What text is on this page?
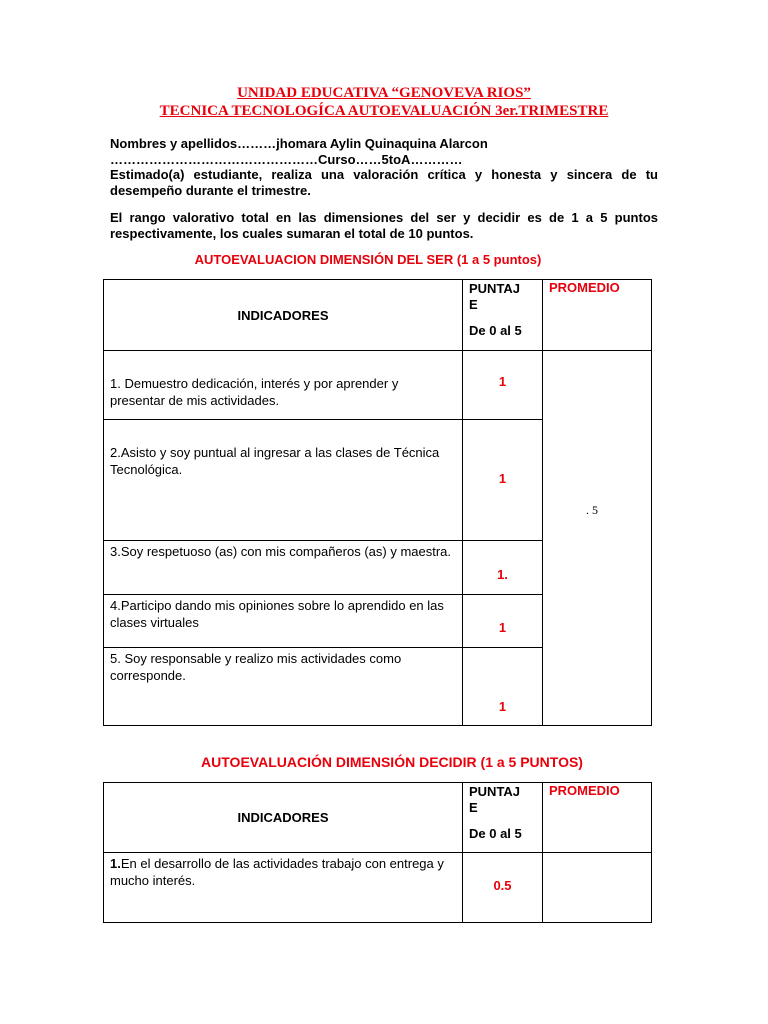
UNIDAD EDUCATIVA “GENOVEVA RIOS”
TECNICA TECNOLOGÍCA AUTOEVALUACIÓN 3er.TRIMESTRE
Nombres y apellidos………jhomara Aylin Quinaquina Alarcon
…………………………………………Curso……5toA…………
Estimado(a) estudiante, realiza una valoración crítica y honesta y sincera de tu desempeño durante el trimestre.
El rango valorativo total en las dimensiones del ser y decidir es de 1 a 5 puntos respectivamente, los cuales sumaran el total de 10 puntos.
AUTOEVALUACION DIMENSIÓN DEL SER (1 a 5 puntos)
INDICADORES	PUNTAJ
E
De 0 al 5	PROMEDIO

1. Demuestro dedicación, interés y por aprender y presentar de mis actividades.	1	. 5

2.Asisto y soy puntual al ingresar a las clases de Técnica Tecnológica.	1	

3.Soy respetuoso (as) con mis compañeros (as) y maestra.	1.	

4.Participo dando mis opiniones sobre lo aprendido en las clases virtuales	1	

5. Soy responsable y realizo mis actividades como corresponde.	1	
AUTOEVALUACIÓN DIMENSIÓN DECIDIR (1 a 5 PUNTOS)
INDICADORES	PUNTAJ
E
De 0 al 5	PROMEDIO
1.En el desarrollo de las actividades trabajo con entrega y mucho interés.	0.5	
